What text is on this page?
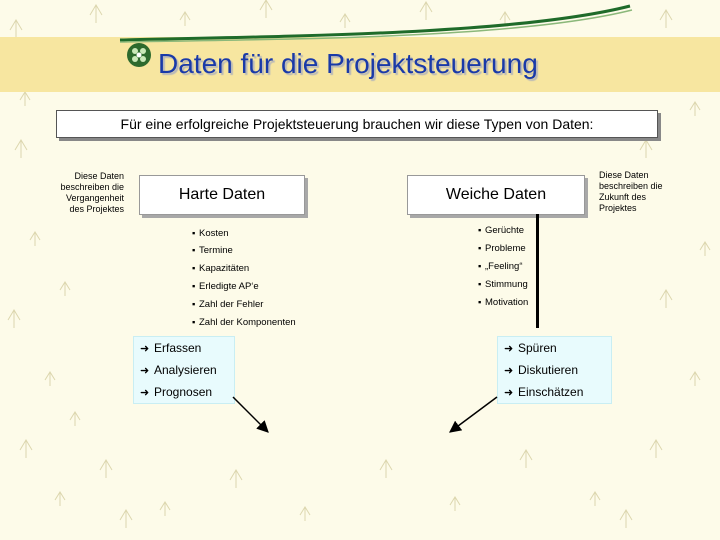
Daten für die Projektsteuerung
Für eine erfolgreiche Projektsteuerung brauchen wir diese Typen von Daten:
Diese Daten
beschreiben die
Vergangenheit
des Projektes
Diese Daten
beschreiben die
Zukunft des
Projektes
Harte Daten	Weiche Daten
▪ Kosten
▪ Termine
▪ Kapazitäten
▪ Erledigte AP‘e
▪ Zahl der Fehler
▪ Zahl der Komponenten
▪ Gerüchte
▪ Probleme
▪ „Feeling“
▪ Stimmung
▪ Motivation
➜ Erfassen
➜ Analysieren
➜ Prognosen
➜ Spüren
➜ Diskutieren
➜ Einschätzen
